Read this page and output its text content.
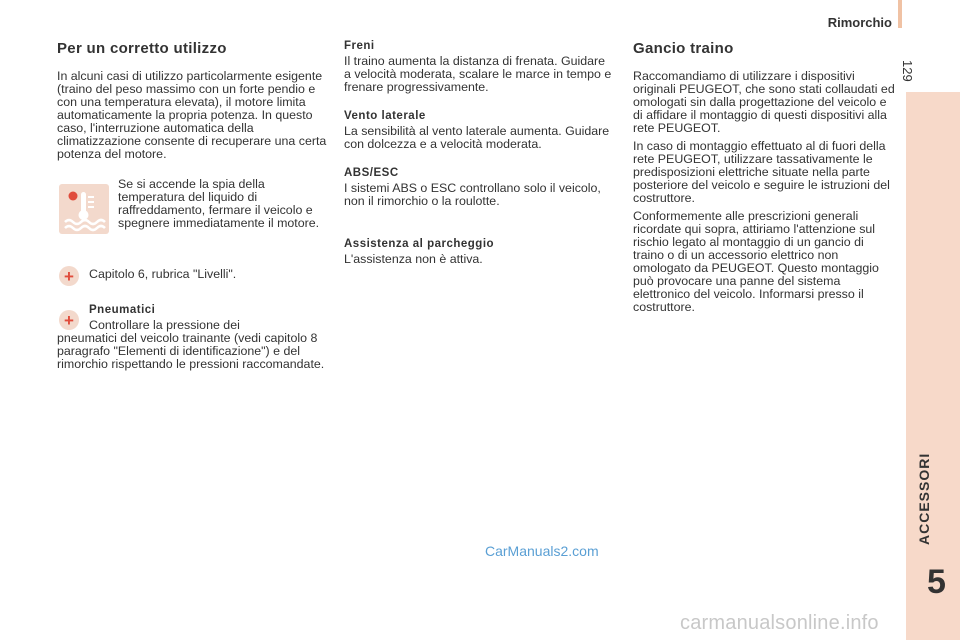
Rimorchio
129
ACCESSORI
5
Per un corretto utilizzo
In alcuni casi di utilizzo particolarmente esigente (traino del peso massimo con un forte pendio e con una temperatura elevata), il motore limita automaticamente la propria potenza. In questo caso, l'interruzione automatica della climatizzazione consente di recuperare una certa potenza del motore.
Se si accende la spia della temperatura del liquido di raffreddamento, fermare il veicolo e spegnere immediatamente il motore.
+ Capitolo 6, rubrica "Livelli".
+
Pneumatici
Controllare la pressione dei
pneumatici del veicolo trainante (vedi capitolo 8 paragrafo "Elementi di identificazione") e del rimorchio rispettando le pressioni raccomandate.
Freni
Il traino aumenta la distanza di frenata. Guidare a velocità moderata, scalare le marce in tempo e frenare progressivamente.
Vento laterale
La sensibilità al vento laterale aumenta. Guidare con dolcezza e a velocità moderata.
ABS/ESC
I sistemi ABS o ESC controllano solo il veicolo, non il rimorchio o la roulotte.
Assistenza al parcheggio
L'assistenza non è attiva.
Gancio traino
Raccomandiamo di utilizzare i dispositivi originali PEUGEOT, che sono stati collaudati ed omologati sin dalla progettazione del veicolo e di affidare il montaggio di questi dispositivi alla rete PEUGEOT.
In caso di montaggio effettuato al di fuori della rete PEUGEOT, utilizzare tassativamente le predisposizioni elettriche situate nella parte posteriore del veicolo e seguire le istruzioni del costruttore.
Conformemente alle prescrizioni generali ricordate qui sopra, attiriamo l'attenzione sul rischio legato al montaggio di un gancio di traino o di un accessorio elettrico non omologato da PEUGEOT. Questo montaggio può provocare una panne del sistema elettronico del veicolo. Informarsi presso il costruttore.
CarManuals2.com
carmanualsonline.info
